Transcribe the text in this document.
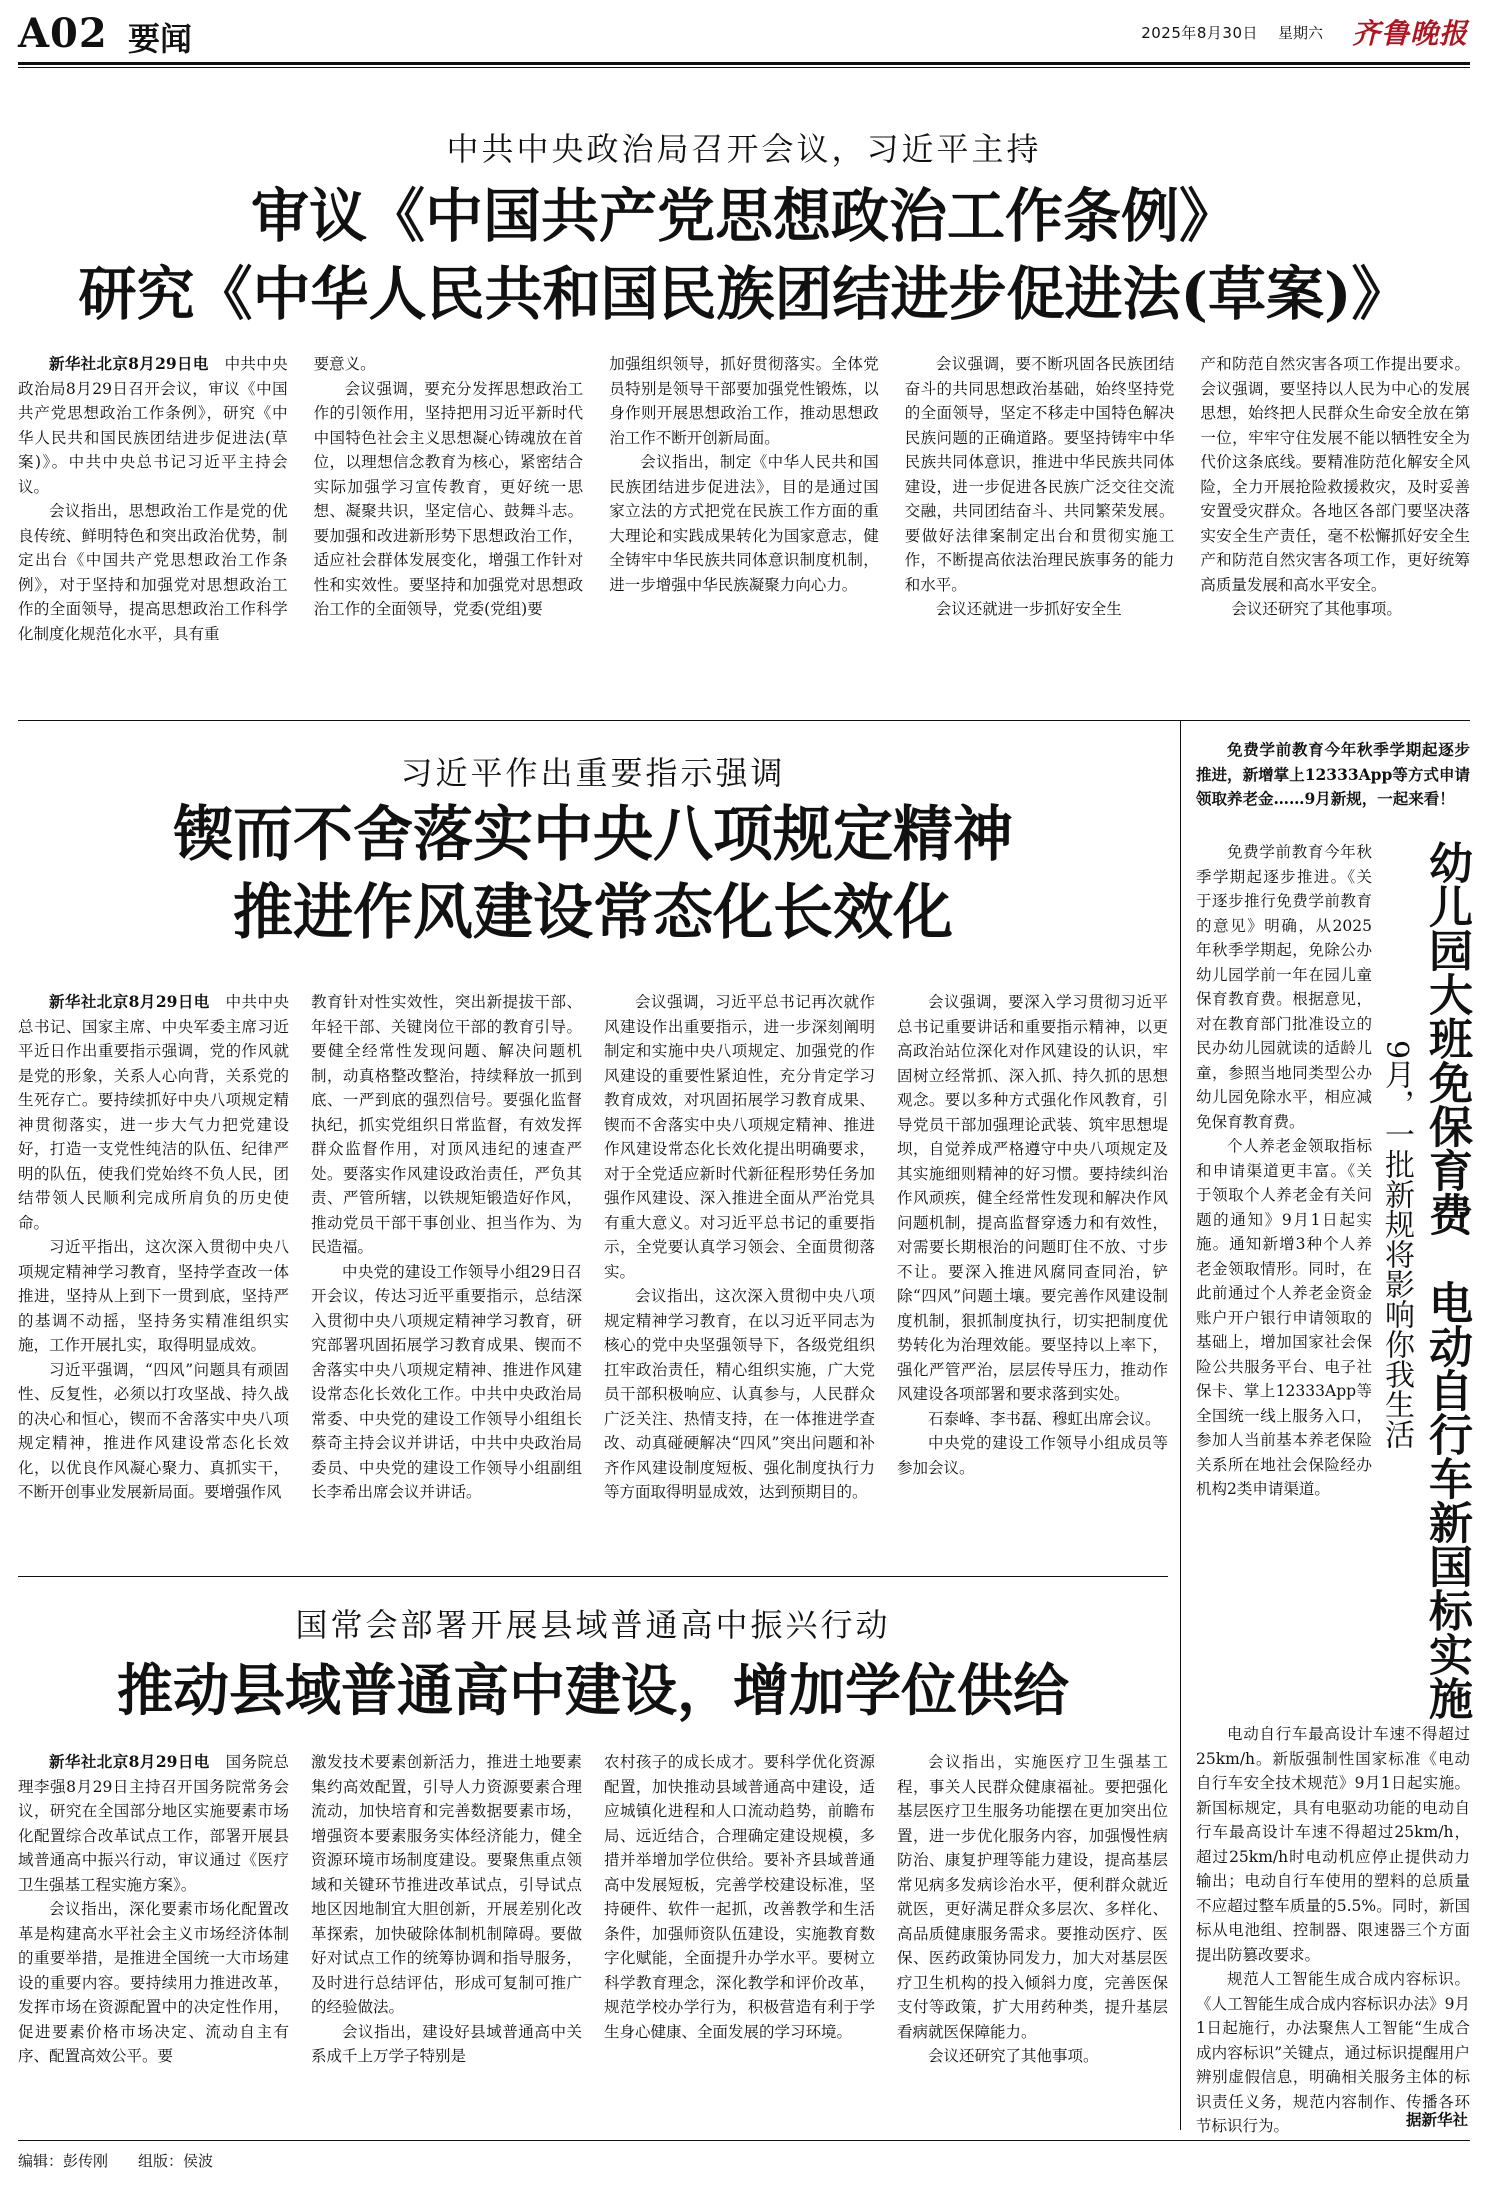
A02 要闻	2025年8月30日 星期六 齐鲁晚报
中共中央政治局召开会议，习近平主持
审议《中国共产党思想政治工作条例》
研究《中华人民共和国民族团结进步促进法(草案)》

新华社北京8月29日电　 中共中央政治局8月29日召开会议，审议《中国共产党思想政治工作条例》，研究《中华人民共和国民族团结进步促进法(草案)》。中共中央总书记习近平主持会议。

会议指出，思想政治工作是党的优良传统、鲜明特色和突出政治优势，制定出台《中国共产党思想政治工作条例》，对于坚持和加强党对思想政治工作的全面领导，提高思想政治工作科学化制度化规范化水平，具有重

要意义。

会议强调，要充分发挥思想政治工作的引领作用，坚持把用习近平新时代中国特色社会主义思想凝心铸魂放在首位，以理想信念教育为核心，紧密结合实际加强学习宣传教育，更好统一思想、凝聚共识，坚定信心、鼓舞斗志。要加强和改进新形势下思想政治工作，适应社会群体发展变化，增强工作针对性和实效性。要坚持和加强党对思想政治工作的全面领导，党委(党组)要

加强组织领导，抓好贯彻落实。全体党员特别是领导干部要加强党性锻炼，以身作则开展思想政治工作，推动思想政治工作不断开创新局面。

会议指出，制定《中华人民共和国民族团结进步促进法》，目的是通过国家立法的方式把党在民族工作方面的重大理论和实践成果转化为国家意志，健全铸牢中华民族共同体意识制度机制，进一步增强中华民族凝聚力向心力。

会议强调，要不断巩固各民族团结奋斗的共同思想政治基础，始终坚持党的全面领导，坚定不移走中国特色解决民族问题的正确道路。要坚持铸牢中华民族共同体意识，推进中华民族共同体建设，进一步促进各民族广泛交往交流交融，共同团结奋斗、共同繁荣发展。要做好法律案制定出台和贯彻实施工作，不断提高依法治理民族事务的能力和水平。

会议还就进一步抓好安全生

产和防范自然灾害各项工作提出要求。会议强调，要坚持以人民为中心的发展思想，始终把人民群众生命安全放在第一位，牢牢守住发展不能以牺牲安全为代价这条底线。要精准防范化解安全风险，全力开展抢险救援救灾，及时妥善安置受灾群众。各地区各部门要坚决落实安全生产责任，毫不松懈抓好安全生产和防范自然灾害各项工作，更好统筹高质量发展和高水平安全。

会议还研究了其他事项。

习近平作出重要指示强调
锲而不舍落实中央八项规定精神
推进作风建设常态化长效化

新华社北京8月29日电　 中共中央总书记、国家主席、中央军委主席习近平近日作出重要指示强调，党的作风就是党的形象，关系人心向背，关系党的生死存亡。要持续抓好中央八项规定精神贯彻落实，进一步大气力把党建设好，打造一支党性纯洁的队伍、纪律严明的队伍，使我们党始终不负人民，团结带领人民顺利完成所肩负的历史使命。

习近平指出，这次深入贯彻中央八项规定精神学习教育，坚持学查改一体推进，坚持从上到下一贯到底，坚持严的基调不动摇，坚持务实精准组织实施，工作开展扎实，取得明显成效。

习近平强调，“四风”问题具有顽固性、反复性，必须以打攻坚战、持久战的决心和恒心，锲而不舍落实中央八项规定精神，推进作风建设常态化长效化，以优良作风凝心聚力、真抓实干，不断开创事业发展新局面。要增强作风

教育针对性实效性，突出新提拔干部、年轻干部、关键岗位干部的教育引导。要健全经常性发现问题、解决问题机制，动真格整改整治，持续释放一抓到底、一严到底的强烈信号。要强化监督执纪，抓实党组织日常监督，有效发挥群众监督作用，对顶风违纪的速查严处。要落实作风建设政治责任，严负其责、严管所辖，以铁规矩锻造好作风，推动党员干部干事创业、担当作为、为民造福。

中央党的建设工作领导小组29日召开会议，传达习近平重要指示，总结深入贯彻中央八项规定精神学习教育，研究部署巩固拓展学习教育成果、锲而不舍落实中央八项规定精神、推进作风建设常态化长效化工作。中共中央政治局常委、中央党的建设工作领导小组组长蔡奇主持会议并讲话，中共中央政治局委员、中央党的建设工作领导小组副组长李希出席会议并讲话。

会议强调，习近平总书记再次就作风建设作出重要指示，进一步深刻阐明制定和实施中央八项规定、加强党的作风建设的重要性紧迫性，充分肯定学习教育成效，对巩固拓展学习教育成果、锲而不舍落实中央八项规定精神、推进作风建设常态化长效化提出明确要求，对于全党适应新时代新征程形势任务加强作风建设、深入推进全面从严治党具有重大意义。对习近平总书记的重要指示，全党要认真学习领会、全面贯彻落实。

会议指出，这次深入贯彻中央八项规定精神学习教育，在以习近平同志为核心的党中央坚强领导下，各级党组织扛牢政治责任，精心组织实施，广大党员干部积极响应、认真参与，人民群众广泛关注、热情支持，在一体推进学查改、动真碰硬解决“四风”突出问题和补齐作风建设制度短板、强化制度执行力等方面取得明显成效，达到预期目的。

会议强调，要深入学习贯彻习近平总书记重要讲话和重要指示精神，以更高政治站位深化对作风建设的认识，牢固树立经常抓、深入抓、持久抓的思想观念。要以多种方式强化作风教育，引导党员干部加强理论武装、筑牢思想堤坝，自觉养成严格遵守中央八项规定及其实施细则精神的好习惯。要持续纠治作风顽疾，健全经常性发现和解决作风问题机制，提高监督穿透力和有效性，对需要长期根治的问题盯住不放、寸步不让。要深入推进风腐同查同治，铲除“四风”问题土壤。要完善作风建设制度机制，狠抓制度执行，切实把制度优势转化为治理效能。要坚持以上率下，强化严管严治，层层传导压力，推动作风建设各项部署和要求落到实处。

石泰峰、李书磊、穆虹出席会议。

中央党的建设工作领导小组成员等参加会议。

国常会部署开展县域普通高中振兴行动
推动县域普通高中建设，增加学位供给

新华社北京8月29日电　 国务院总理李强8月29日主持召开国务院常务会议，研究在全国部分地区实施要素市场化配置综合改革试点工作，部署开展县域普通高中振兴行动，审议通过《医疗卫生强基工程实施方案》。

会议指出，深化要素市场化配置改革是构建高水平社会主义市场经济体制的重要举措，是推进全国统一大市场建设的重要内容。要持续用力推进改革，发挥市场在资源配置中的决定性作用，促进要素价格市场决定、流动自主有序、配置高效公平。要

激发技术要素创新活力，推进土地要素集约高效配置，引导人力资源要素合理流动，加快培育和完善数据要素市场，增强资本要素服务实体经济能力，健全资源环境市场制度建设。要聚焦重点领域和关键环节推进改革试点，引导试点地区因地制宜大胆创新，开展差别化改革探索，加快破除体制机制障碍。要做好对试点工作的统筹协调和指导服务，及时进行总结评估，形成可复制可推广的经验做法。

会议指出，建设好县域普通高中关系成千上万学子特别是

农村孩子的成长成才。要科学优化资源配置，加快推动县域普通高中建设，适应城镇化进程和人口流动趋势，前瞻布局、远近结合，合理确定建设规模，多措并举增加学位供给。要补齐县域普通高中发展短板，完善学校建设标准，坚持硬件、软件一起抓，改善教学和生活条件，加强师资队伍建设，实施教育数字化赋能，全面提升办学水平。要树立科学教育理念，深化教学和评价改革，规范学校办学行为，积极营造有利于学生身心健康、全面发展的学习环境。

会议指出，实施医疗卫生强基工程，事关人民群众健康福祉。要把强化基层医疗卫生服务功能摆在更加突出位置，进一步优化服务内容，加强慢性病防治、康复护理等能力建设，提高基层常见病多发病诊治水平，便利群众就近就医，更好满足群众多层次、多样化、高品质健康服务需求。要推动医疗、医保、医药政策协同发力，加大对基层医疗卫生机构的投入倾斜力度，完善医保支付等政策，扩大用药种类，提升基层看病就医保障能力。

会议还研究了其他事项。

免费学前教育今年秋季学期起逐步推进，新增掌上12333App等方式申请领取养老金……9月新规，一起来看！

免费学前教育今年秋季学期起逐步推进。《关于逐步推行免费学前教育的意见》明确，从2025年秋季学期起，免除公办幼儿园学前一年在园儿童保育教育费。根据意见，对在教育部门批准设立的民办幼儿园就读的适龄儿童，参照当地同类型公办幼儿园免除水平，相应减免保育教育费。

个人养老金领取指标和申请渠道更丰富。《关于领取个人养老金有关问题的通知》9月1日起实施。通知新增3种个人养老金领取情形。同时，在此前通过个人养老金资金账户开户银行申请领取的基础上，增加国家社会保险公共服务平台、电子社保卡、掌上12333App等全国统一线上服务入口，参加人当前基本养老保险关系所在地社会保险经办机构2类申请渠道。	幼儿园大班免保育费　电动自行车新国标实施
9月，一批新规将影响你我生活

电动自行车最高设计车速不得超过25km/h。新版强制性国家标准《电动自行车安全技术规范》9月1日起实施。新国标规定，具有电驱动功能的电动自行车最高设计车速不得超过25km/h，超过25km/h时电动机应停止提供动力输出；电动自行车使用的塑料的总质量不应超过整车质量的5.5%。同时，新国标从电池组、控制器、限速器三个方面提出防篡改要求。

规范人工智能生成合成内容标识。《人工智能生成合成内容标识办法》9月1日起施行，办法聚焦人工智能“生成合成内容标识”关键点，通过标识提醒用户辨别虚假信息，明确相关服务主体的标识责任义务，规范内容制作、传播各环节标识行为。	据新华社
编辑：彭传刚　　 组版：侯波
